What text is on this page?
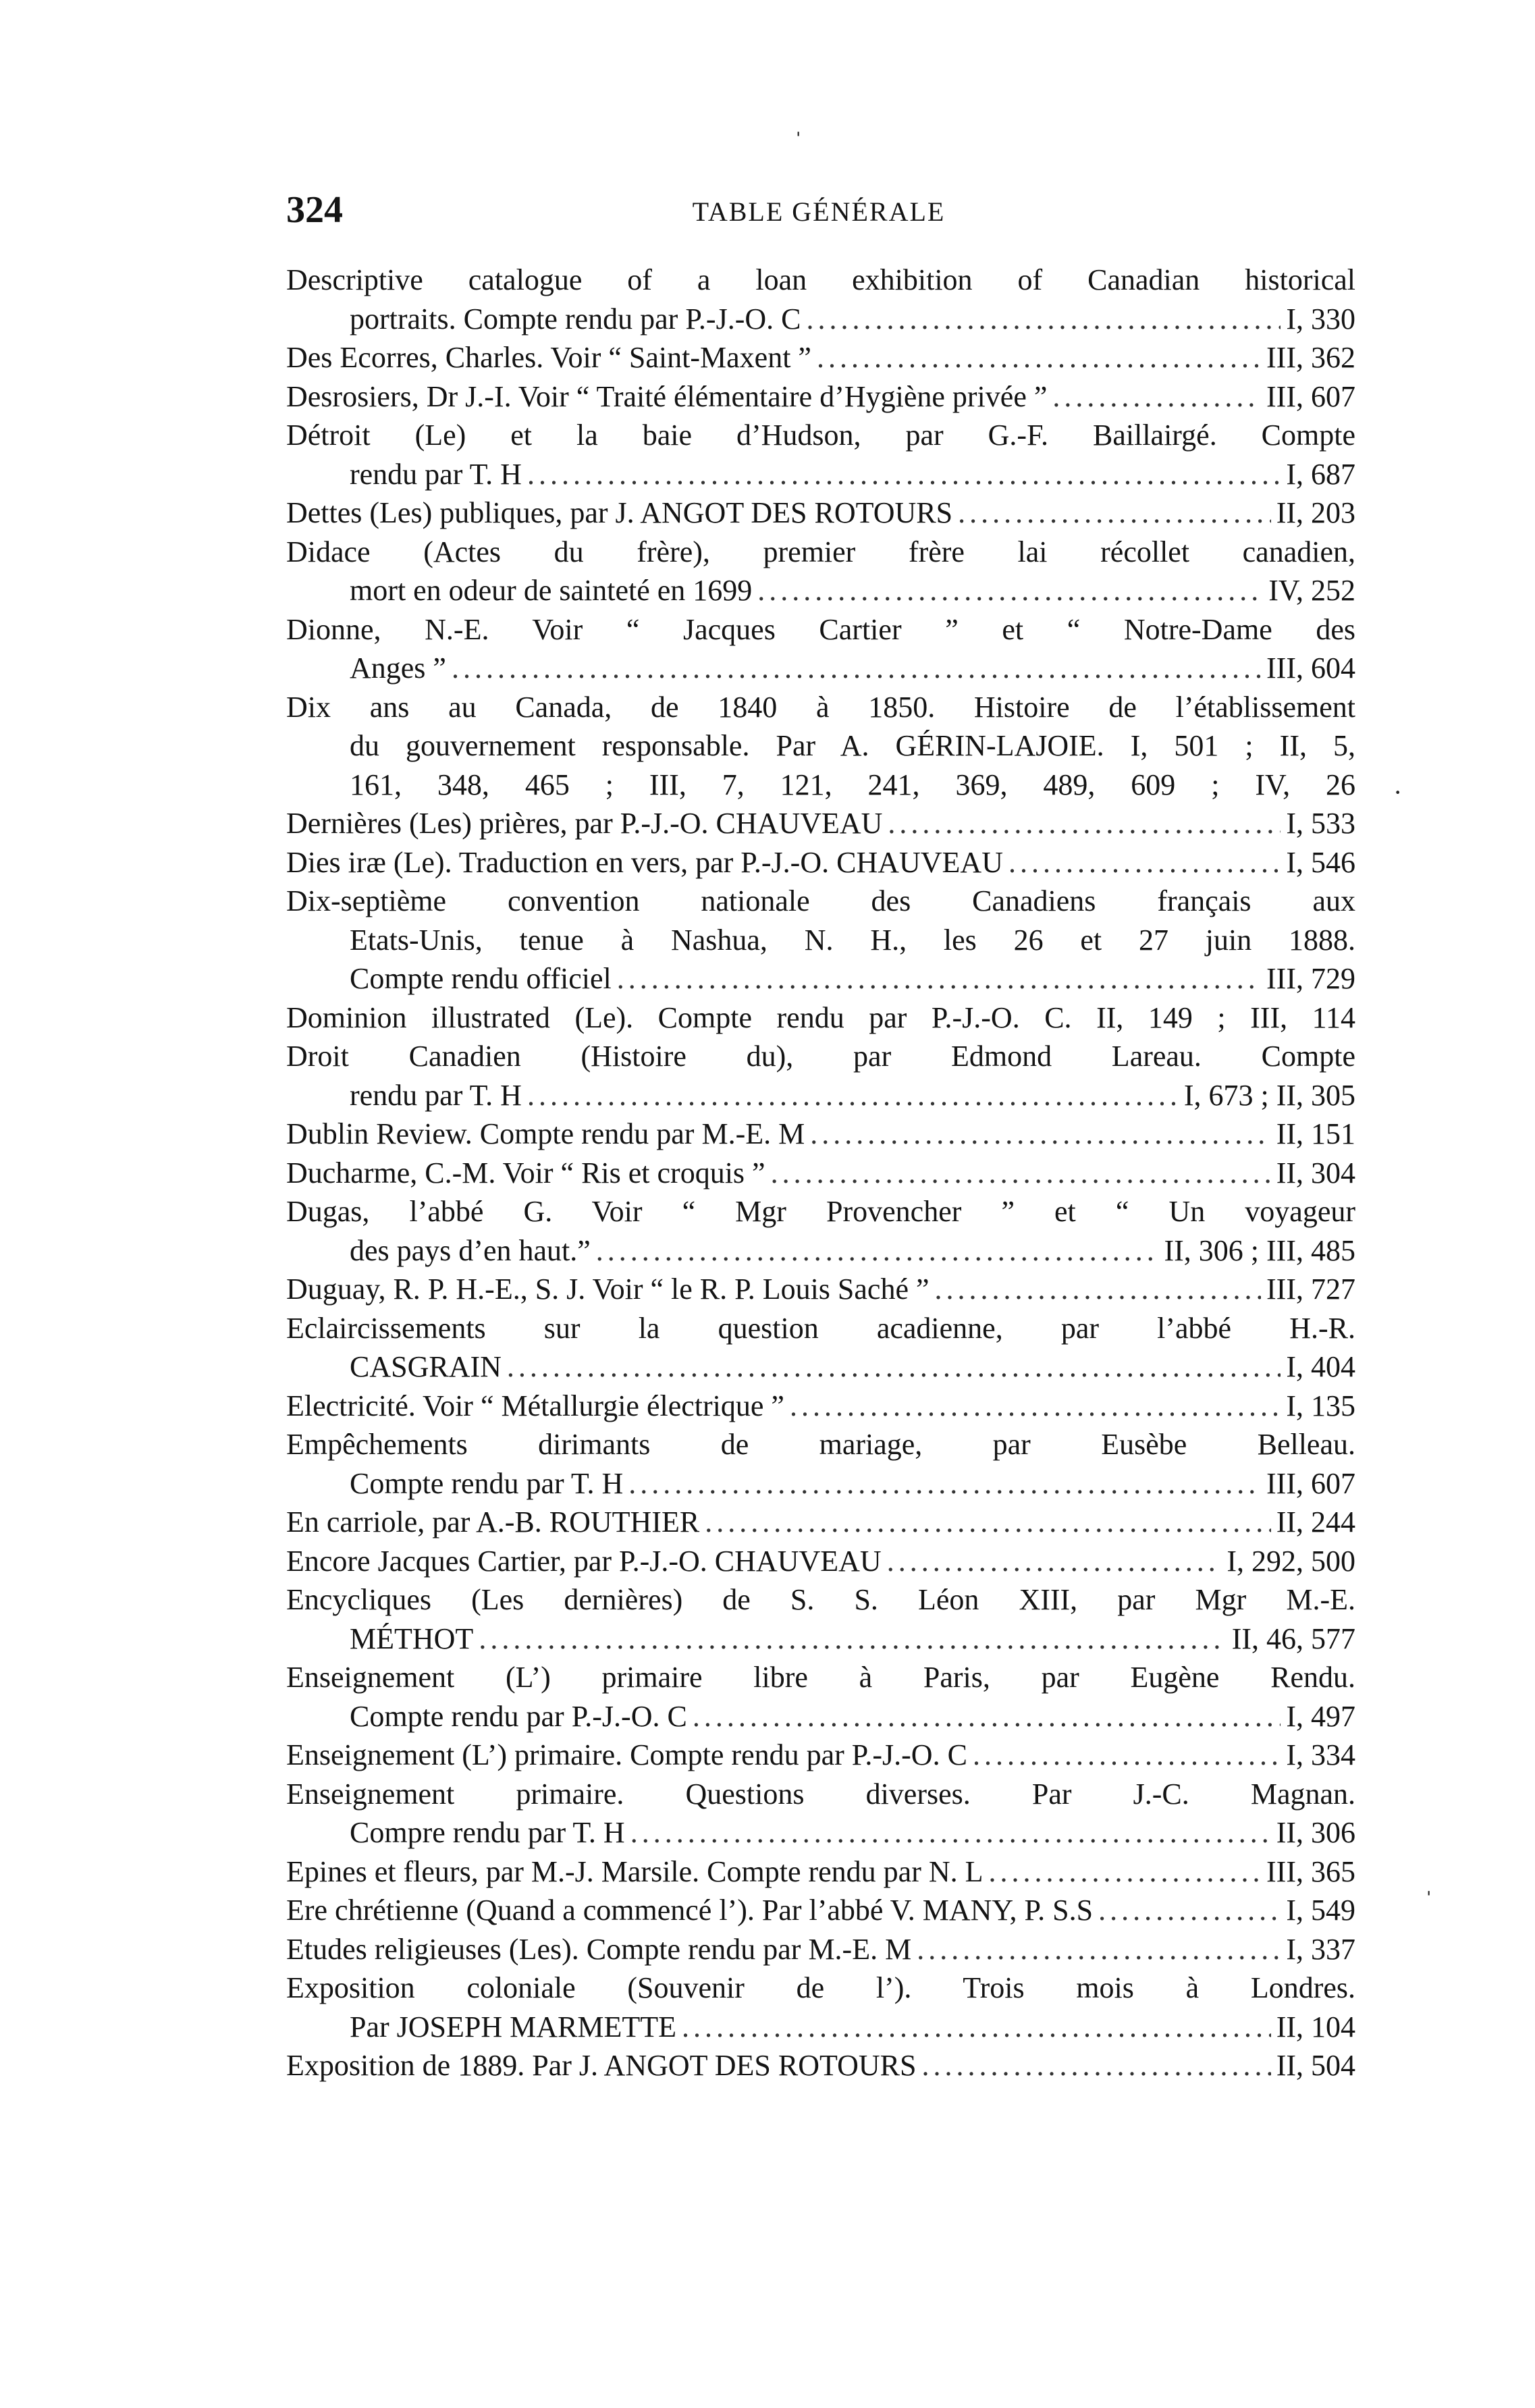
324	TABLE GÉNÉRALE
Descriptive catalogue of a loan exhibition of Canadian historical
portraits. Compte rendu par P.-J.-O. C .....	I, 330
Des Ecorres, Charles. Voir “ Saint-Maxent ” .....	III, 362
Desrosiers, Dr J.-I. Voir “ Traité élémentaire d’Hygiène privée ” .....	III, 607
Détroit (Le) et la baie d’Hudson, par G.-F. Baillairgé. Compte
rendu par T. H .....	I, 687
Dettes (Les) publiques, par J. ANGOT DES ROTOURS .....	II, 203
Didace (Actes du frère), premier frère lai récollet canadien,
mort en odeur de sainteté en 1699 .....	IV, 252
Dionne, N.-E. Voir “ Jacques Cartier ” et “ Notre-Dame des
Anges ” .....	III, 604
Dix ans au Canada, de 1840 à 1850. Histoire de l’établissement
du gouvernement responsable. Par A. GÉRIN-LAJOIE. I, 501 ; II, 5,
161, 348, 465 ; III, 7, 121, 241, 369, 489, 609 ; IV, 26
Dernières (Les) prières, par P.-J.-O. CHAUVEAU .....	I, 533
Dies iræ (Le). Traduction en vers, par P.-J.-O. CHAUVEAU .....	I, 546
Dix-septième convention nationale des Canadiens français aux
Etats-Unis, tenue à Nashua, N. H., les 26 et 27 juin 1888.
Compte rendu officiel .....	III, 729
Dominion illustrated (Le). Compte rendu par P.-J.-O. C. II, 149 ; III, 114
Droit Canadien (Histoire du), par Edmond Lareau. Compte
rendu par T. H .....	I, 673 ; II, 305
Dublin Review. Compte rendu par M.-E. M .....	II, 151
Ducharme, C.-M. Voir “ Ris et croquis ” .....	II, 304
Dugas, l’abbé G. Voir “ Mgr Provencher ” et “ Un voyageur
des pays d’en haut.” .....	II, 306 ; III, 485
Duguay, R. P. H.-E., S. J. Voir “ le R. P. Louis Saché ” .....	III, 727
Eclaircissements sur la question acadienne, par l’abbé H.-R.
CASGRAIN .....	I, 404
Electricité. Voir “ Métallurgie électrique ” .....	I, 135
Empêchements dirimants de mariage, par Eusèbe Belleau.
Compte rendu par T. H .....	III, 607
En carriole, par A.-B. ROUTHIER .....	II, 244
Encore Jacques Cartier, par P.-J.-O. CHAUVEAU .....	I, 292, 500
Encycliques (Les dernières) de S. S. Léon XIII, par Mgr M.-E.
MÉTHOT .....	II, 46, 577
Enseignement (L’) primaire libre à Paris, par Eugène Rendu.
Compte rendu par P.-J.-O. C .....	I, 497
Enseignement (L’) primaire. Compte rendu par P.-J.-O. C .....	I, 334
Enseignement primaire. Questions diverses. Par J.-C. Magnan.
Compre rendu par T. H .....	II, 306
Epines et fleurs, par M.-J. Marsile. Compte rendu par N. L .....	III, 365
Ere chrétienne (Quand a commencé l’). Par l’abbé V. MANY, P. S.S .....	I, 549
Etudes religieuses (Les). Compte rendu par M.-E. M .....	I, 337
Exposition coloniale (Souvenir de l’). Trois mois à Londres.
Par JOSEPH MARMETTE .....	II, 104
Exposition de 1889. Par J. ANGOT DES ROTOURS .....	II, 504
ˈ
·
ˈ
